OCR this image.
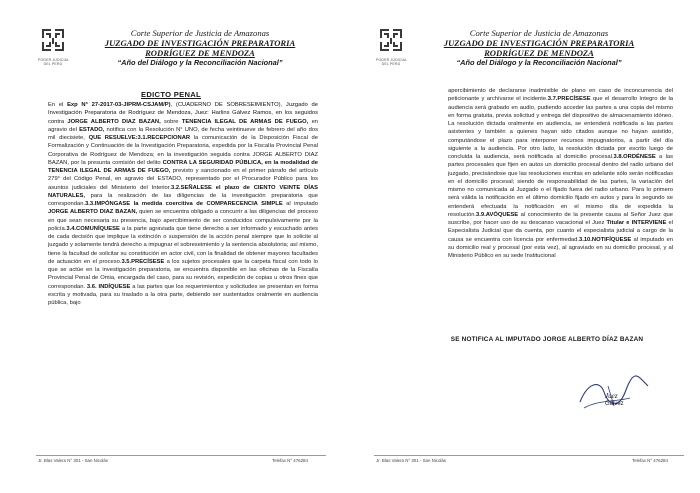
PODER JUDICIAL
DEL PERÚ
Corte Superior de Justicia de Amazonas
JUZGADO DE INVESTIGACIÓN PREPARATORIA
RODRÍGUEZ DE MENDOZA
“Año del Diálogo y la Reconciliación Nacional”
EDICTO PENAL
En el Exp N° 27-2017-03-JIPRM-CSJAM/P), (CUADERNO DE SOBRESEIMIENTO), Juzgado de Investigación Preparatoria de Rodríguez de Mendoza, Juez: Harlins Gálvez Ramos, en los seguidos contra JORGE ALBERTO DIAZ BAZAN, sobre TENENCIA ILEGAL DE ARMAS DE FUEGO, en agravio del ESTADO, notifica con la Resolución N° UNO, de fecha veintinueve de febrero del año dos mil diecisiete, QUE RESUELVE:3.1.RECEPCIONAR la comunicación de la Disposición Fiscal de Formalización y Continuación de la Investigación Preparatoria, expedida por la Fiscalía Provincial Penal Corporativa de Rodríguez de Mendoza; en la investigación seguida contra JORGE ALBERTO DIAZ BAZAN, por la presunta comisión del delito CONTRA LA SEGURIDAD PÚBLICA, en la modalidad de TENENCIA ILEGAL DE ARMAS DE FUEGO, previsto y sancionado en el primer párrafo del artículo 279° del Código Penal, en agravio del ESTADO, representado por el Procurador Público para los asuntos judiciales del Ministerio del Interior.3.2.SEÑALESE el plazo de CIENTO VEINTE DÍAS NATURALES, para la realización de las diligencias de la investigación preparatoria que correspondan.3.3.IMPÓNGASE la medida coercitiva de COMPARECENCIA SIMPLE al imputado JORGE ALBERTO DIAZ BAZAN, quien se encuentra obligado a concurrir a las diligencias del proceso en que sean necesaria su presencia, bajo apercibimiento de ser conducidos compulsivamente por la policía.3.4.COMUNÍQUESE a la parte agraviada que tiene derecho a ser informado y escuchado antes de cada decisión que implique la extinción o suspensión de la acción penal siempre que lo solicite al juzgado y solamente tendrá derecho a impugnar el sobreseimiento y la sentencia absolutoria; así mismo, tiene la facultad de solicitar su constitución en actor civil, con la finalidad de obtener mayores facultades de actuación en el proceso.3.5.PRECÍSESE a los sujetos procesales que la carpeta fiscal con todo lo que se actúe en la investigación preparatoria, se encuentra disponible en las oficinas de la Fiscalía Provincial Penal de Omia, encargada del caso, para su revisión, expedición de copias u otros fines que correspondan. 3.6. INDÍQUESE a las partes que los requerimientos y solicitudes se presentan en forma escrita y motivada, para su traslado a la otra parte, debiendo ser sustentados oralmente en audiencia pública, bajo
Jr. Blas Valera N° 301 - San Nicolás	Telefax N° 476284
PODER JUDICIAL
DEL PERÚ
Corte Superior de Justicia de Amazonas
JUZGADO DE INVESTIGACIÓN PREPARATORIA
RODRÍGUEZ DE MENDOZA
“Año del Diálogo y la Reconciliación Nacional”
apercibimiento de declararse inadmisible de plano en caso de inconcurrencia del peticionante y archívarse el incidente.3.7.PRECÍSESE que el desarrollo íntegro de la audiencia será grabado en audio, pudiendo acceder las partes a una copia del mismo en forma gratuita, previa solicitud y entrega del dispositivo de almacenamiento idóneo. La resolución dictada oralmente en audiencia, se entenderá notificada a las partes asistentes y también a quienes hayan sido citados aunque no hayan asistido, computándose el plazo para interponer recursos impugnatorios, a partir del día siguiente a la audiencia. Por otro lado, la resolución dictada por escrito luego de concluida la audiencia, será notificada al domicilio procesal.3.8.ORDÉNESE a las partes procesales que fijen en autos un domicilio procesal dentro del radio urbano del juzgado, precisándose que las resoluciones escritas en adelante sólo serán notificadas en el domicilio procesal; siendo de responsabilidad de las partes, la variación del mismo no comunicada al Juzgado o el fijado fuera del radio urbano. Para lo primero será válida la notificación en el último domicilio fijado en autos y para lo segundo se entenderá efectuada la notificación en el mismo día de expedida la resolución.3.9.AVÓQUESE al conocimiento de la presente causa al Señor Juez que suscribe, por hacer uso de su descanso vacacional el Juez Titular e INTERVIENE el Especialista Judicial que da cuenta, por cuanto el especialista judicial a cargo de la causa se encuentra con licencia por enfermedad.3.10.NOTIFÍQUESE al imputado en su domicilio real y procesal (por esta vez), al agraviado en su domicilio procesal, y al Ministerio Público en su sede Institucional
SE NOTIFICA AL IMPUTADO JORGE ALBERTO DÍAZ BAZAN
Juez
Gálvez
Jr. Blas Valera N° 301 - San Nicolás	Telefax N° 476284
